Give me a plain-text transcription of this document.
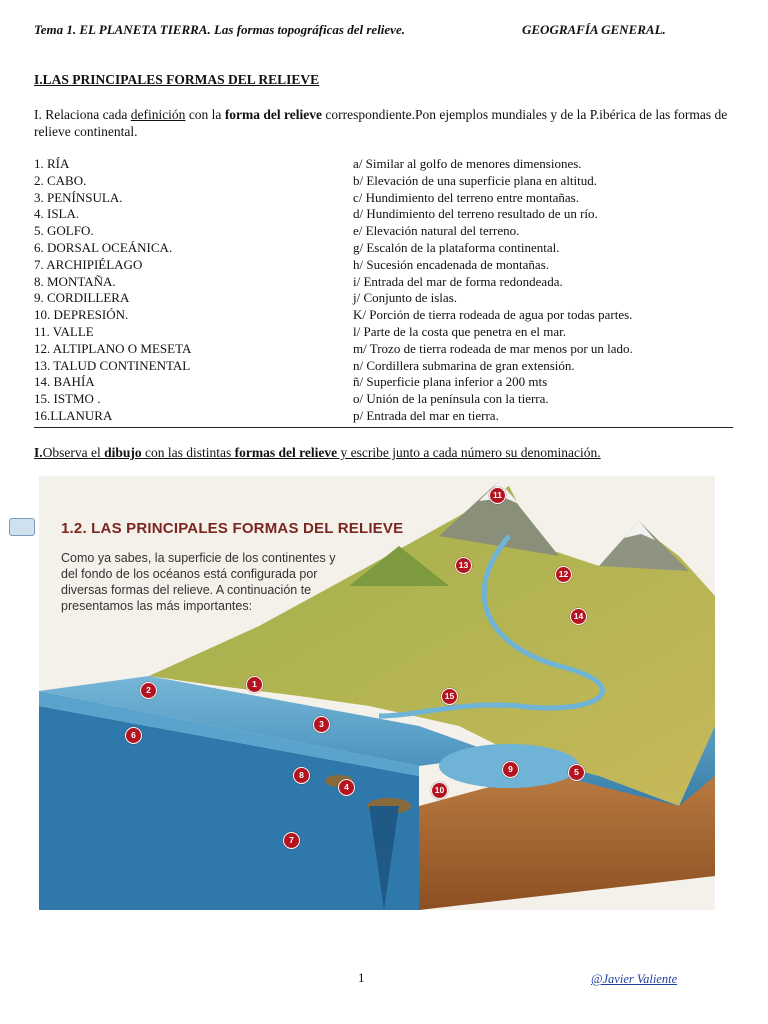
Tema 1. EL PLANETA TIERRA. Las formas topográficas del relieve.	GEOGRAFÍA GENERAL.
I.LAS PRINCIPALES FORMAS DEL RELIEVE
I. Relaciona cada definición con la forma del relieve correspondiente.Pon ejemplos mundiales y de la P.ibérica de las formas de relieve continental.
1. RÍA
2. CABO.
3. PENÍNSULA.
4. ISLA.
5. GOLFO.
6. DORSAL OCEÁNICA.
7. ARCHIPIÉLAGO
8. MONTAÑA.
9. CORDILLERA
10. DEPRESIÓN.
11. VALLE
12. ALTIPLANO O MESETA
13. TALUD CONTINENTAL
14. BAHÍA
15. ISTMO .
16.LLANURA
a/ Similar al golfo de menores dimensiones.
b/ Elevación de una superficie plana en altitud.
c/ Hundimiento del terreno entre montañas.
d/ Hundimiento del terreno resultado de un río.
e/ Elevación natural del terreno.
g/ Escalón de la plataforma continental.
h/ Sucesión encadenada de montañas.
i/ Entrada del mar de forma redondeada.
j/ Conjunto de islas.
K/ Porción de tierra rodeada de agua por todas partes.
l/ Parte de la costa que penetra en el mar.
m/ Trozo de tierra rodeada de mar menos por un lado.
n/ Cordillera submarina de gran extensión.
ñ/ Superficie plana inferior a 200 mts
o/ Unión de la península con la tierra.
p/ Entrada del mar en tierra.
I.Observa el dibujo con las distintas formas del relieve y escribe junto a cada número su denominación.
1.2. LAS PRINCIPALES FORMAS DEL RELIEVE
Como ya sabes, la superficie de los continentes y del fondo de los océanos está configurada por diversas formas del relieve. A continuación te presentamos las más importantes:
1
2
3
4
5
6
7
8
9
10
11
12
13
14
15
1	@Javier Valiente
